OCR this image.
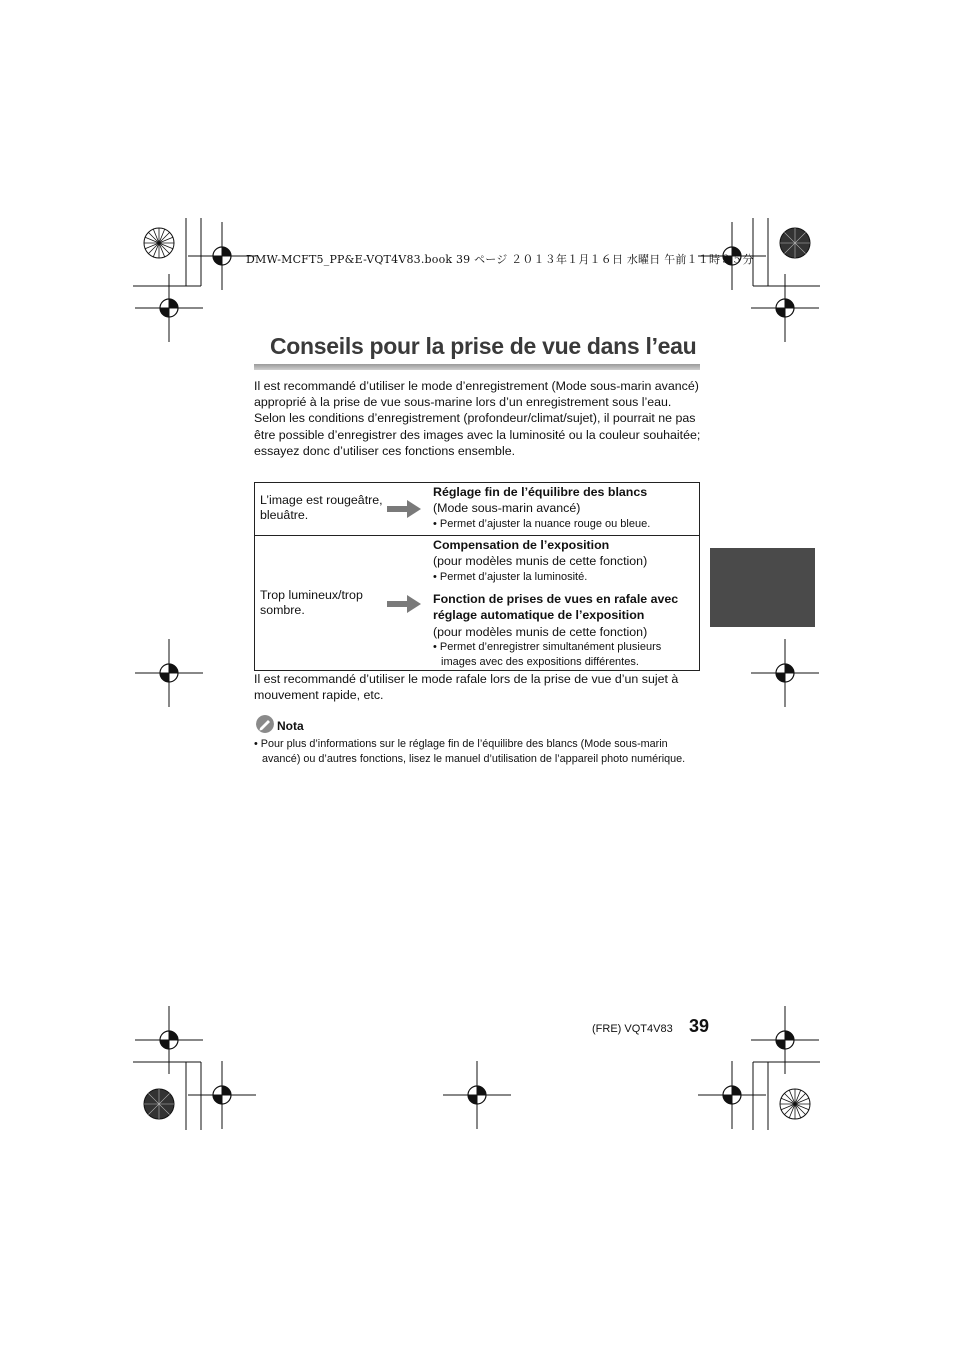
DMW-MCFT5_PP&E-VQT4V83.book 39 ページ ２０１３年１月１６日 水曜日 午前１１時３５分
Conseils pour la prise de vue dans l’eau

Il est recommandé d’utiliser le mode d’enregistrement (Mode sous-marin avancé) approprié à la prise de vue sous-marine lors d’un enregistrement sous l’eau.

Selon les conditions d’enregistrement (profondeur/climat/sujet), il pourrait ne pas être possible d’enregistrer des images avec la luminosité ou la couleur souhaitée; essayez donc d’utiliser ces fonctions ensemble.

L’image est rougeâtre, bleuâtre.
Réglage fin de l’équilibre des blancs
(Mode sous-marin avancé)
• Permet d’ajuster la nuance rouge ou bleue.
Trop lumineux/trop sombre.
Compensation de l’exposition
(pour modèles munis de cette fonction)
• Permet d’ajuster la luminosité.
Fonction de prises de vues en rafale avec réglage automatique de l’exposition
(pour modèles munis de cette fonction)
• Permet d’enregistrer simultanément plusieurs images avec des expositions différentes.
Il est recommandé d’utiliser le mode rafale lors de la prise de vue d’un sujet à mouvement rapide, etc.
Nota
• Pour plus d’informations sur le réglage fin de l’équilibre des blancs (Mode sous-marin avancé) ou d’autres fonctions, lisez le manuel d’utilisation de l’appareil photo numérique.
(FRE) VQT4V83 39
